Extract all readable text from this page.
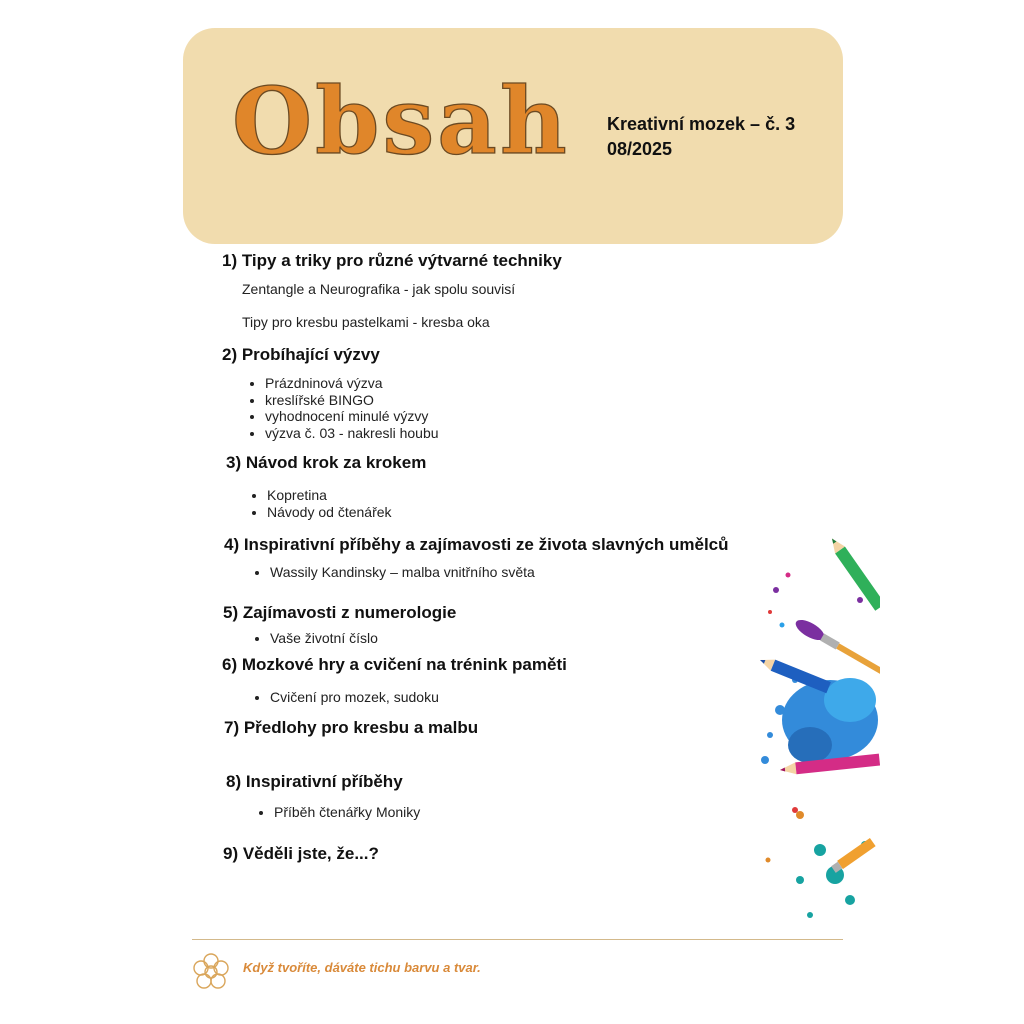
Obsah Kreativní mozek – č. 3
08/2025
1) Tipy a triky pro různé výtvarné techniky
Zentangle a Neurografika - jak spolu souvisí
Tipy pro kresbu pastelkami - kresba oka
2) Probíhající výzvy
• Prázdninová výzva
• kreslířské BINGO
• vyhodnocení minulé výzvy
• výzva č. 03 - nakresli houbu
3) Návod krok za krokem
• Kopretina
• Návody od čtenářek
4) Inspirativní příběhy a zajímavosti ze života slavných umělců
• Wassily Kandinsky – malba vnitřního světa
5) Zajímavosti z numerologie
• Vaše životní číslo
6) Mozkové hry a cvičení na trénink paměti
• Cvičení pro mozek, sudoku
7) Předlohy pro kresbu a malbu
8) Inspirativní příběhy
• Příběh čtenářky Moniky
9) Věděli jste, že...?
Když tvoříte, dáváte tichu barvu a tvar.
